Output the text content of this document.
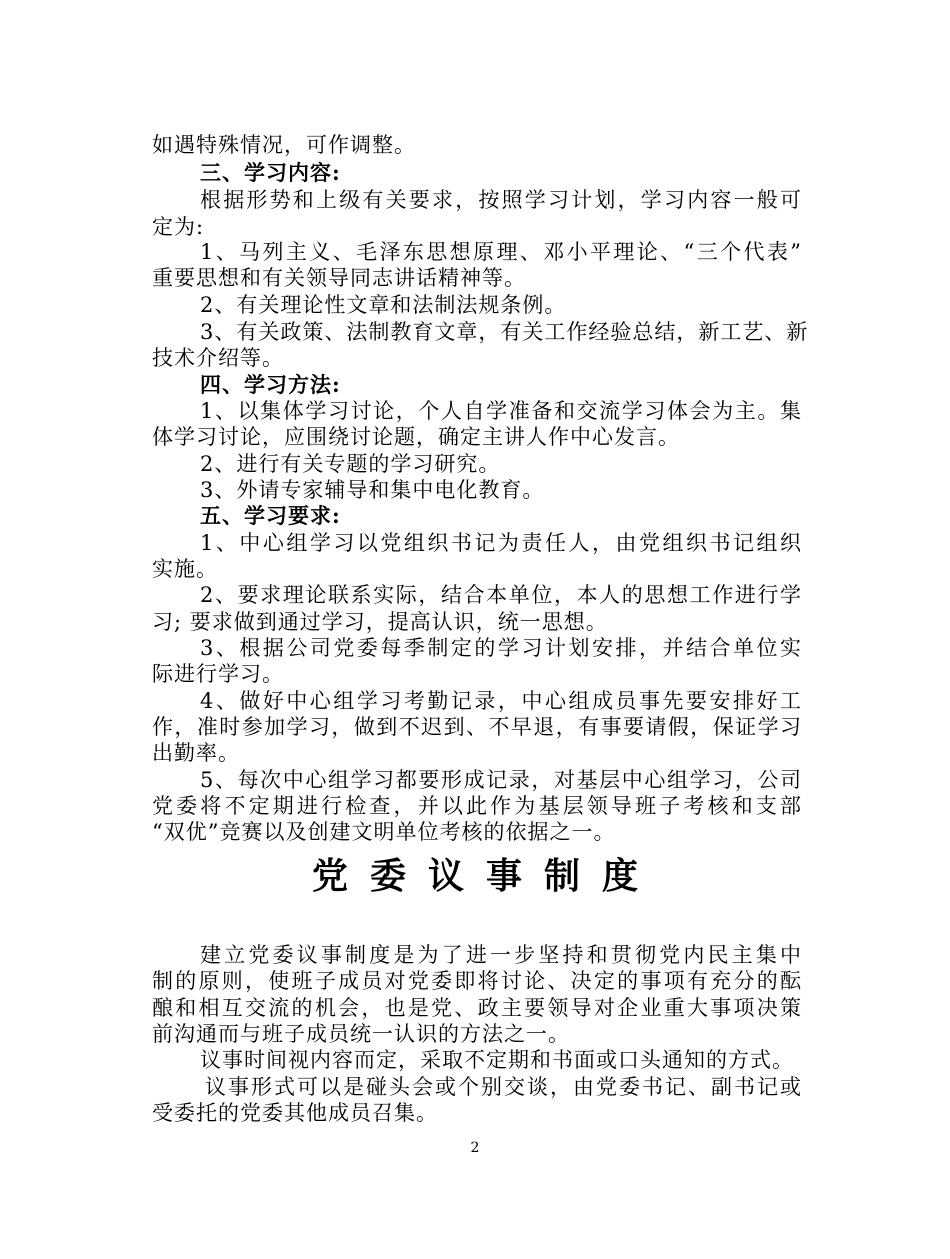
如遇特殊情况，可作调整。
三、学习内容:
根据形势和上级有关要求，按照学习计划，学习内容一般可
定为:
1、马列主义、毛泽东思想原理、邓小平理论、“三个代表”
重要思想和有关领导同志讲话精神等。
2、有关理论性文章和法制法规条例。
3、有关政策、法制教育文章，有关工作经验总结，新工艺、新
技术介绍等。
四、学习方法:
1、以集体学习讨论，个人自学准备和交流学习体会为主。集
体学习讨论，应围绕讨论题，确定主讲人作中心发言。
2、进行有关专题的学习研究。
3、外请专家辅导和集中电化教育。
五、学习要求:
1、中心组学习以党组织书记为责任人，由党组织书记组织
实施。
2、要求理论联系实际，结合本单位，本人的思想工作进行学
习; 要求做到通过学习，提高认识，统一思想。
3、根据公司党委每季制定的学习计划安排，并结合单位实
际进行学习。
4、做好中心组学习考勤记录，中心组成员事先要安排好工
作，准时参加学习，做到不迟到、不早退，有事要请假，保证学习
出勤率。
5、每次中心组学习都要形成记录，对基层中心组学习，公司
党委将不定期进行检查，并以此作为基层领导班子考核和支部
“双优”竞赛以及创建文明单位考核的依据之一。
党委议事制度
建立党委议事制度是为了进一步坚持和贯彻党内民主集中
制的原则，使班子成员对党委即将讨论、决定的事项有充分的酝
酿和相互交流的机会，也是党、政主要领导对企业重大事项决策
前沟通而与班子成员统一认识的方法之一。
议事时间视内容而定，采取不定期和书面或口头通知的方式。
议事形式可以是碰头会或个别交谈，由党委书记、副书记或
受委托的党委其他成员召集。
2
